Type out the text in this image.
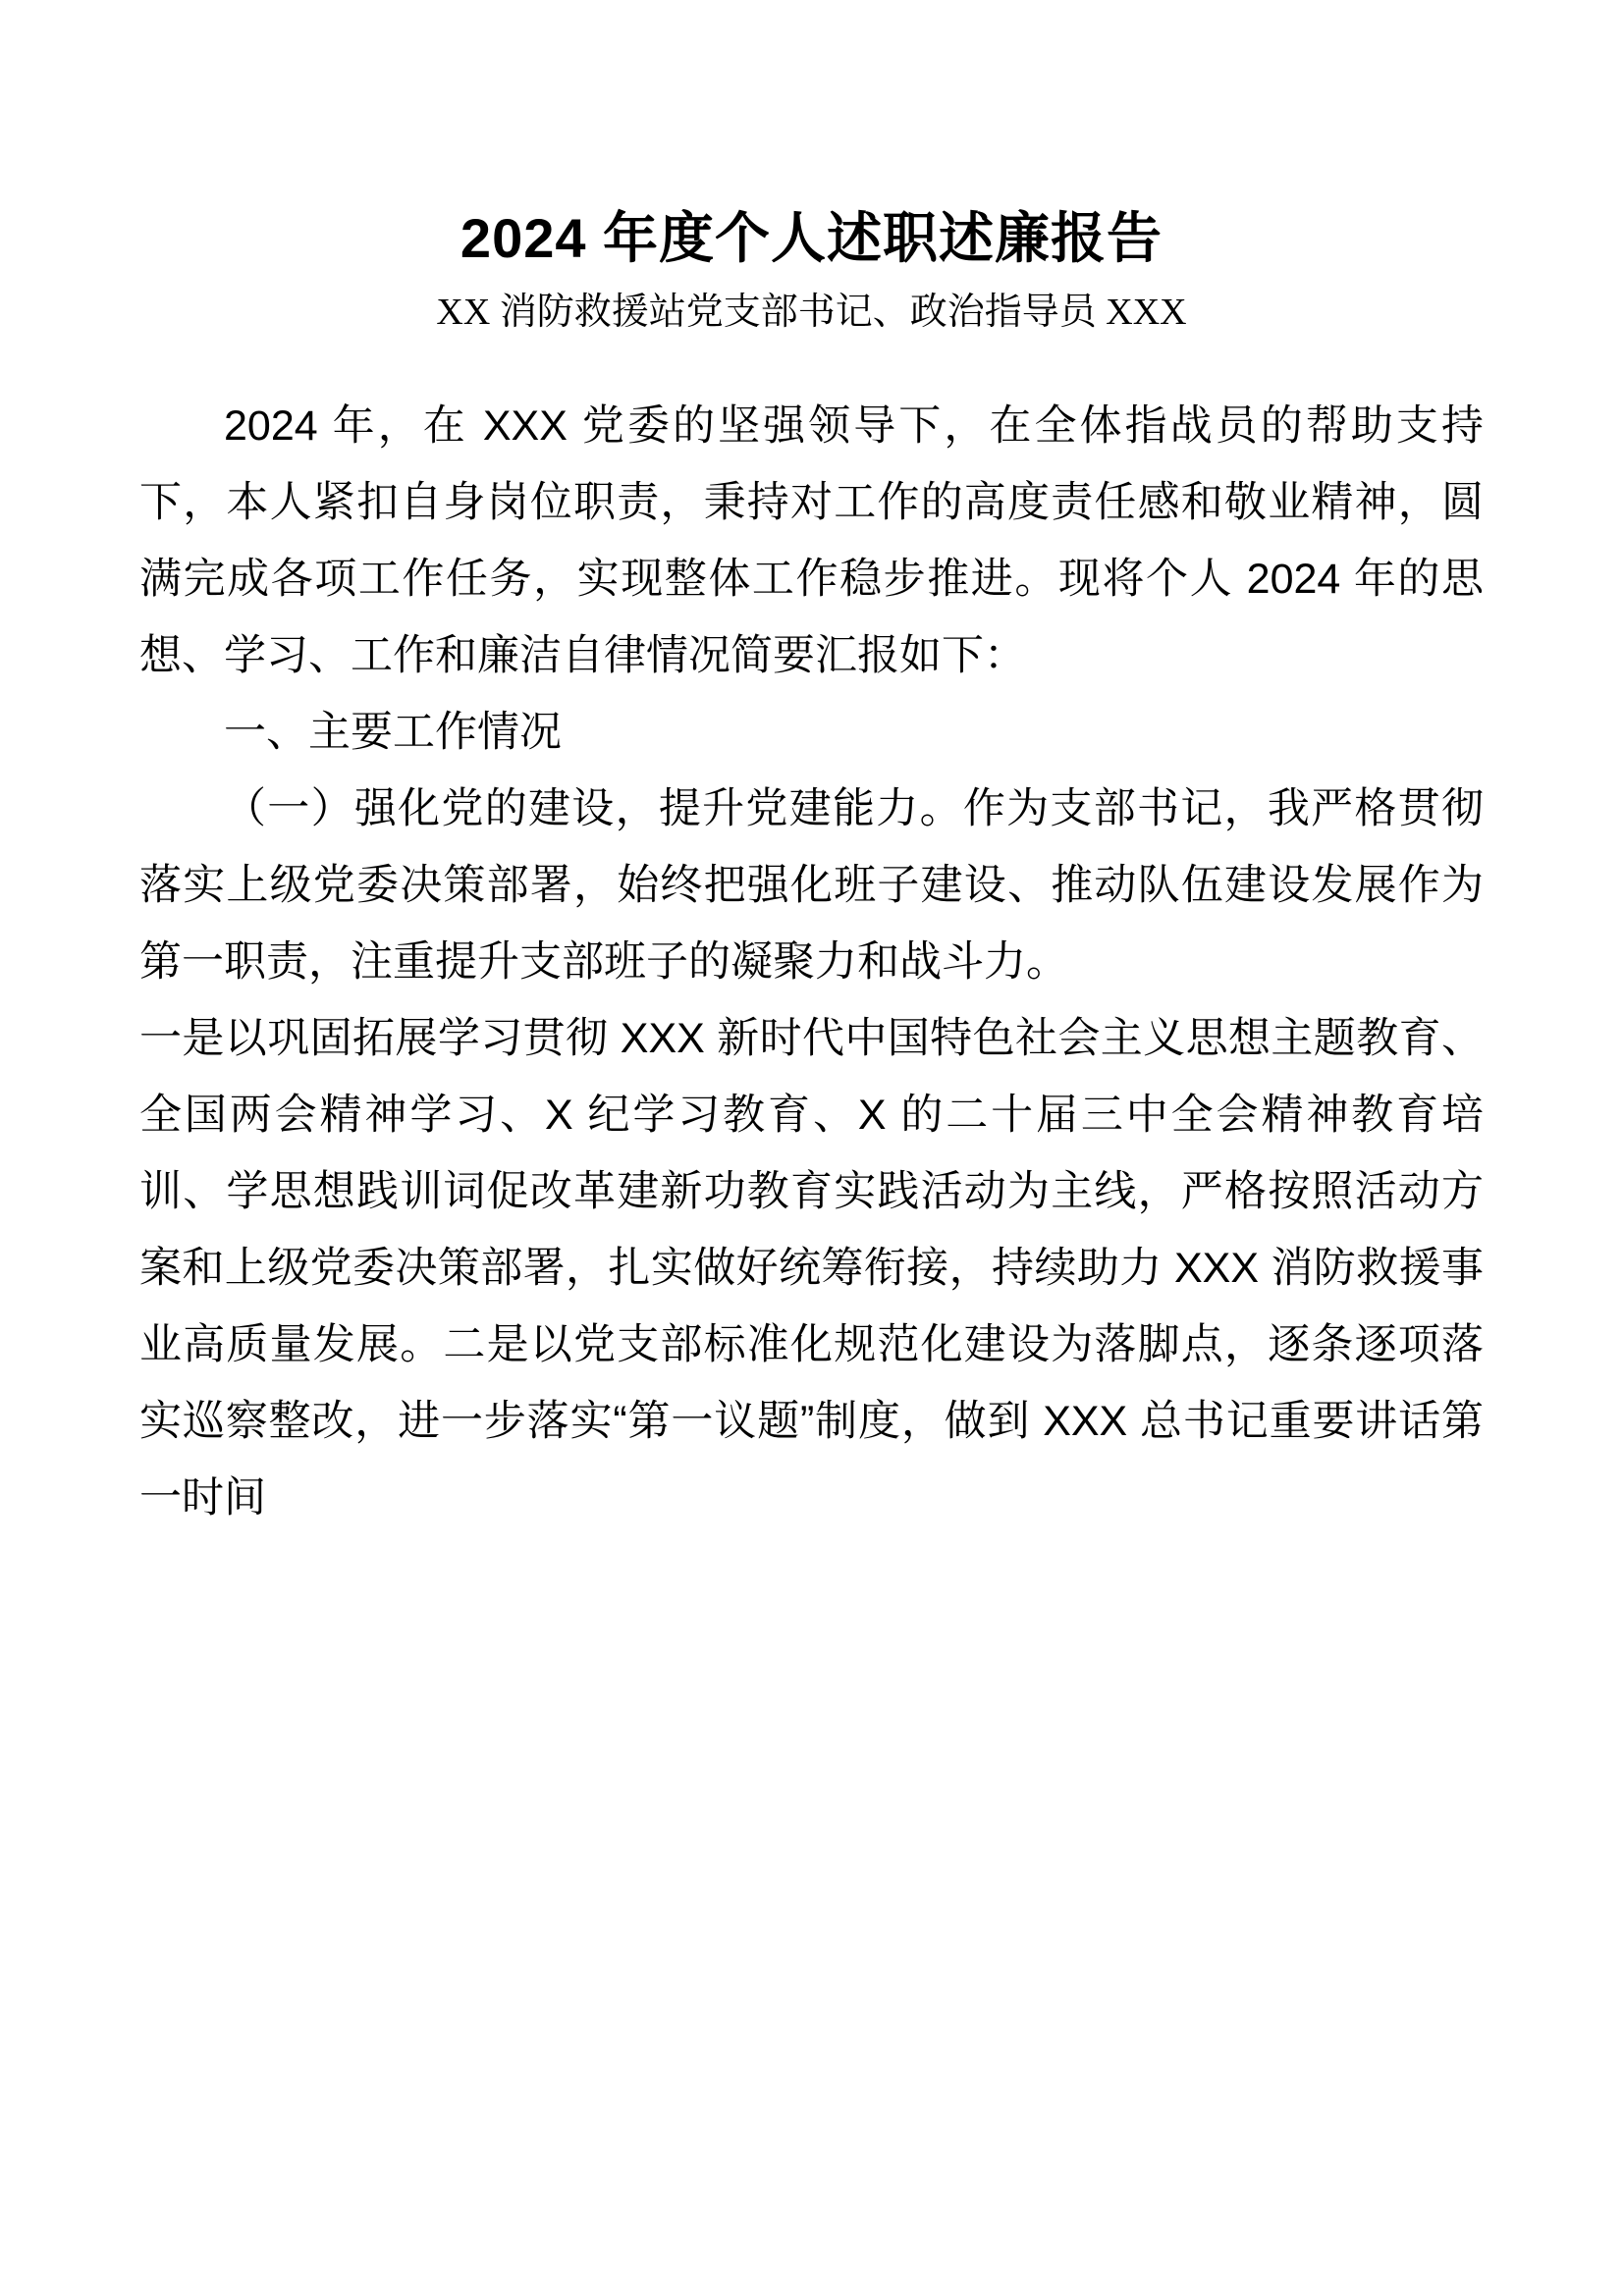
2024 年度个人述职述廉报告
XX 消防救援站党支部书记、政治指导员 XXX

2024 年，在 XXX 党委的坚强领导下，在全体指战员的帮助支持下，本人紧扣自身岗位职责，秉持对工作的高度责任感和敬业精神，圆满完成各项工作任务，实现整体工作稳步推进。现将个人 2024 年的思想、学习、工作和廉洁自律情况简要汇报如下：

一、主要工作情况

（一）强化党的建设，提升党建能力。作为支部书记，我严格贯彻落实上级党委决策部署，始终把强化班子建设、推动队伍建设发展作为第一职责，注重提升支部班子的凝聚力和战斗力。

一是以巩固拓展学习贯彻 XXX 新时代中国特色社会主义思想主题教育、全国两会精神学习、X 纪学习教育、X 的二十届三中全会精神教育培训、学思想践训词促改革建新功教育实践活动为主线，严格按照活动方案和上级党委决策部署，扎实做好统筹衔接，持续助力 XXX 消防救援事业高质量发展。二是以党支部标准化规范化建设为落脚点，逐条逐项落实巡察整改，进一步落实“第一议题”制度，做到 XXX 总书记重要讲话第一时间
